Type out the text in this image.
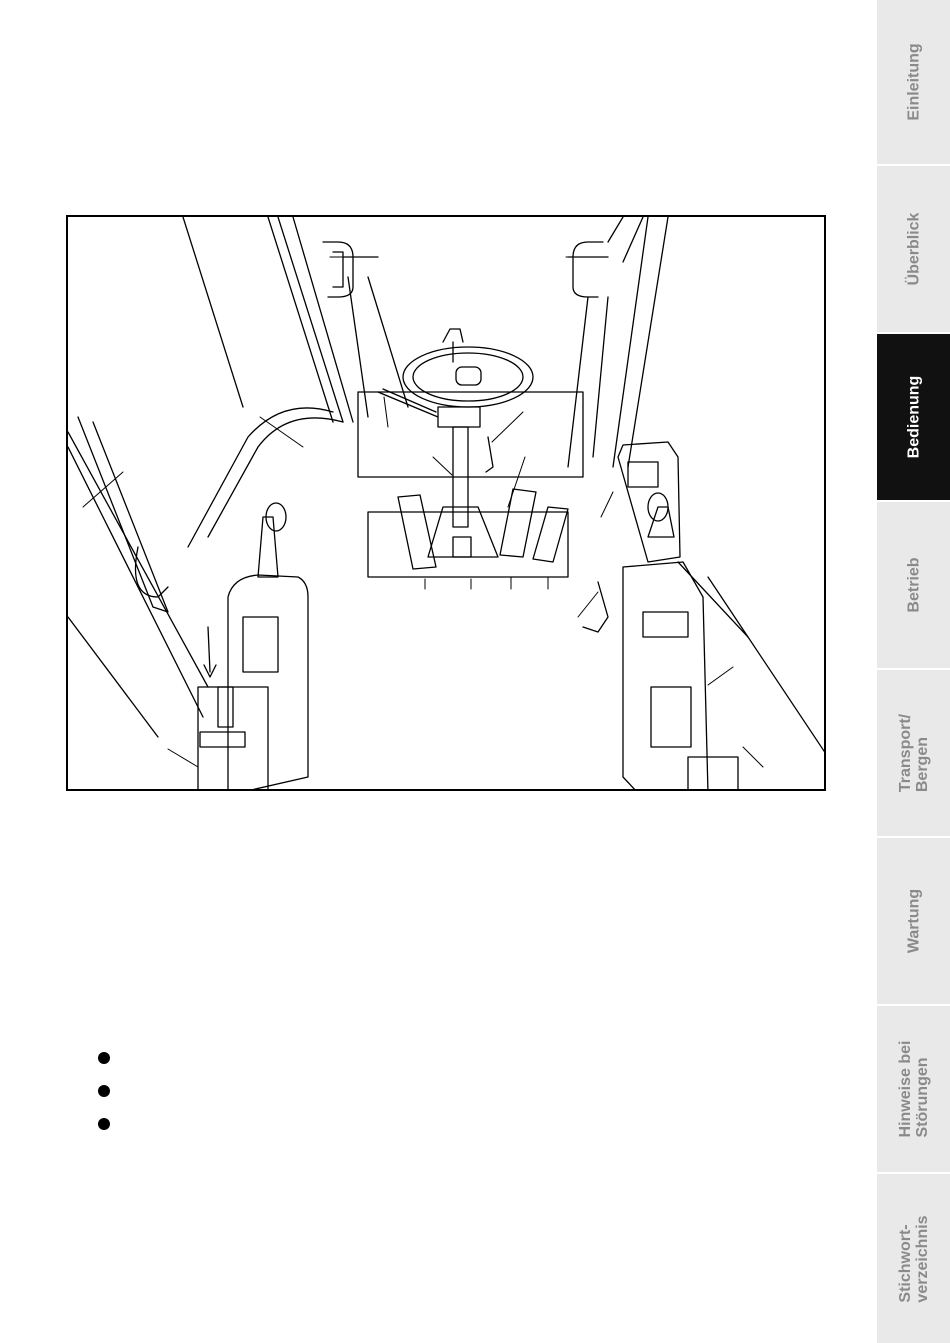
Einleitung
Überblick
Bedienung
Betrieb
Transport/
Bergen
Wartung
Hinweise bei
Störungen
Stichwort-
verzeichnis
